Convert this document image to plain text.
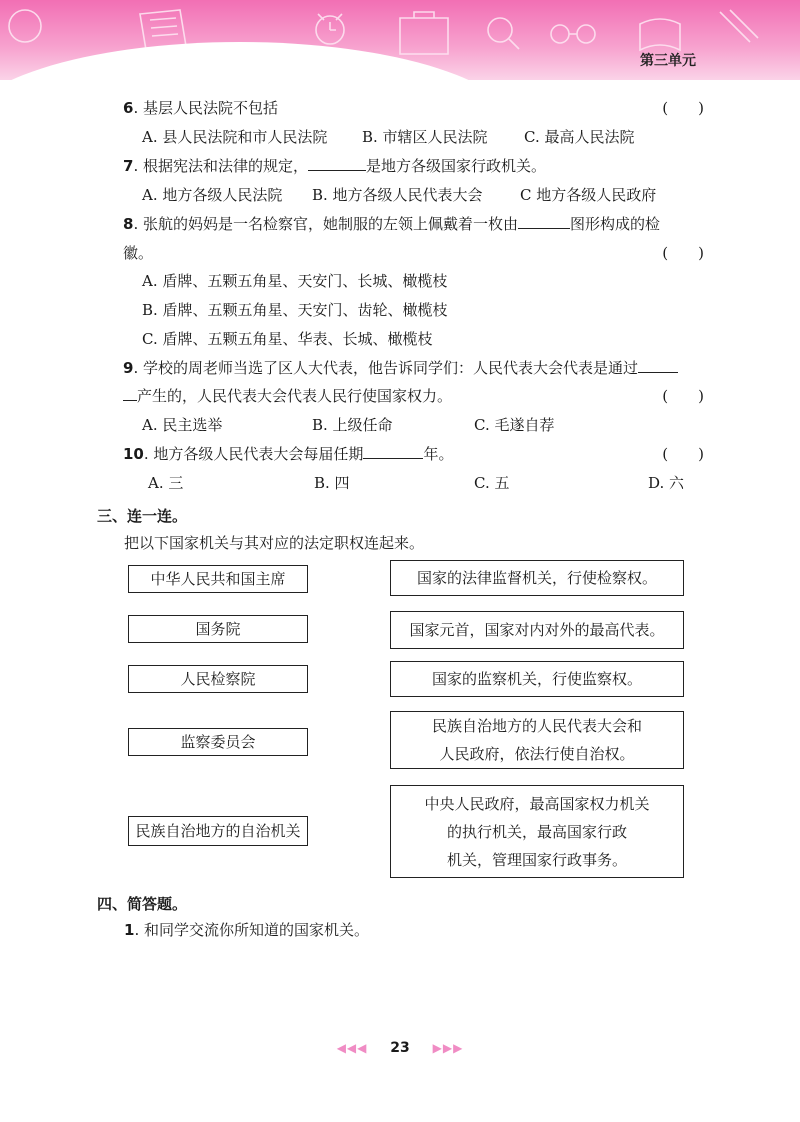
第三单元
6. 基层人民法院不包括	(　　)
A. 县人民法院和市人民法院 B. 市辖区人民法院 C. 最高人民法院
7. 根据宪法和法律的规定，	是地方各级国家行政机关。
A. 地方各级人民法院 B. 地方各级人民代表大会 C 地方各级人民政府
8. 张航的妈妈是一名检察官，她制服的左领上佩戴着一枚由	图形构成的检
徽。	(　　)
A. 盾牌、五颗五角星、天安门、长城、橄榄枝
B. 盾牌、五颗五角星、天安门、齿轮、橄榄枝
C. 盾牌、五颗五角星、华表、长城、橄榄枝
9. 学校的周老师当选了区人大代表，他告诉同学们：人民代表大会代表是通过
产生的，人民代表大会代表人民行使国家权力。	(　　)
A. 民主选举	B. 上级任命	C. 毛遂自荐
10. 地方各级人民代表大会每届任期	年。	(　　)
A. 三	B. 四	C. 五	D. 六
三、连一连。
把以下国家机关与其对应的法定职权连起来。
中华人民共和国主席
国务院
人民检察院
监察委员会
民族自治地方的自治机关
国家的法律监督机关，行使检察权。
国家元首，国家对内对外的最高代表。
国家的监察机关，行使监察权。
民族自治地方的人民代表大会和
人民政府，依法行使自治权。
中央人民政府，最高国家权力机关
的执行机关，最高国家行政
机关，管理国家行政事务。
四、简答题。
1. 和同学交流你所知道的国家机关。
◀◀◀ 23 ▶▶▶
